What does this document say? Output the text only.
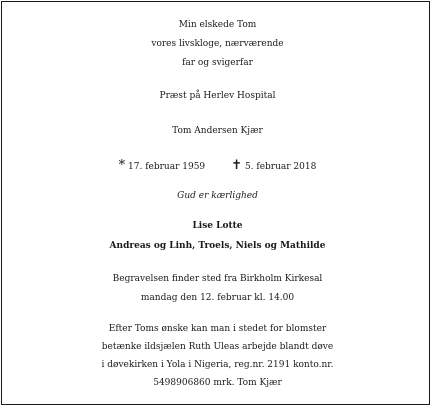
Min elskede Tom
vores livskloge, nærværende
far og svigerfar
Præst på Herlev Hospital
Tom Andersen Kjær
* 17. februar 1959 ✝ 5. februar 2018
Gud er kærlighed
Lise Lotte
Andreas og Linh, Troels, Niels og Mathilde
Begravelsen finder sted fra Birkholm Kirkesal
mandag den 12. februar kl. 14.00
Efter Toms ønske kan man i stedet for blomster
betænke ildsjælen Ruth Uleas arbejde blandt døve
i døvekirken i Yola i Nigeria, reg.nr. 2191 konto.nr.
5498906860 mrk. Tom Kjær
